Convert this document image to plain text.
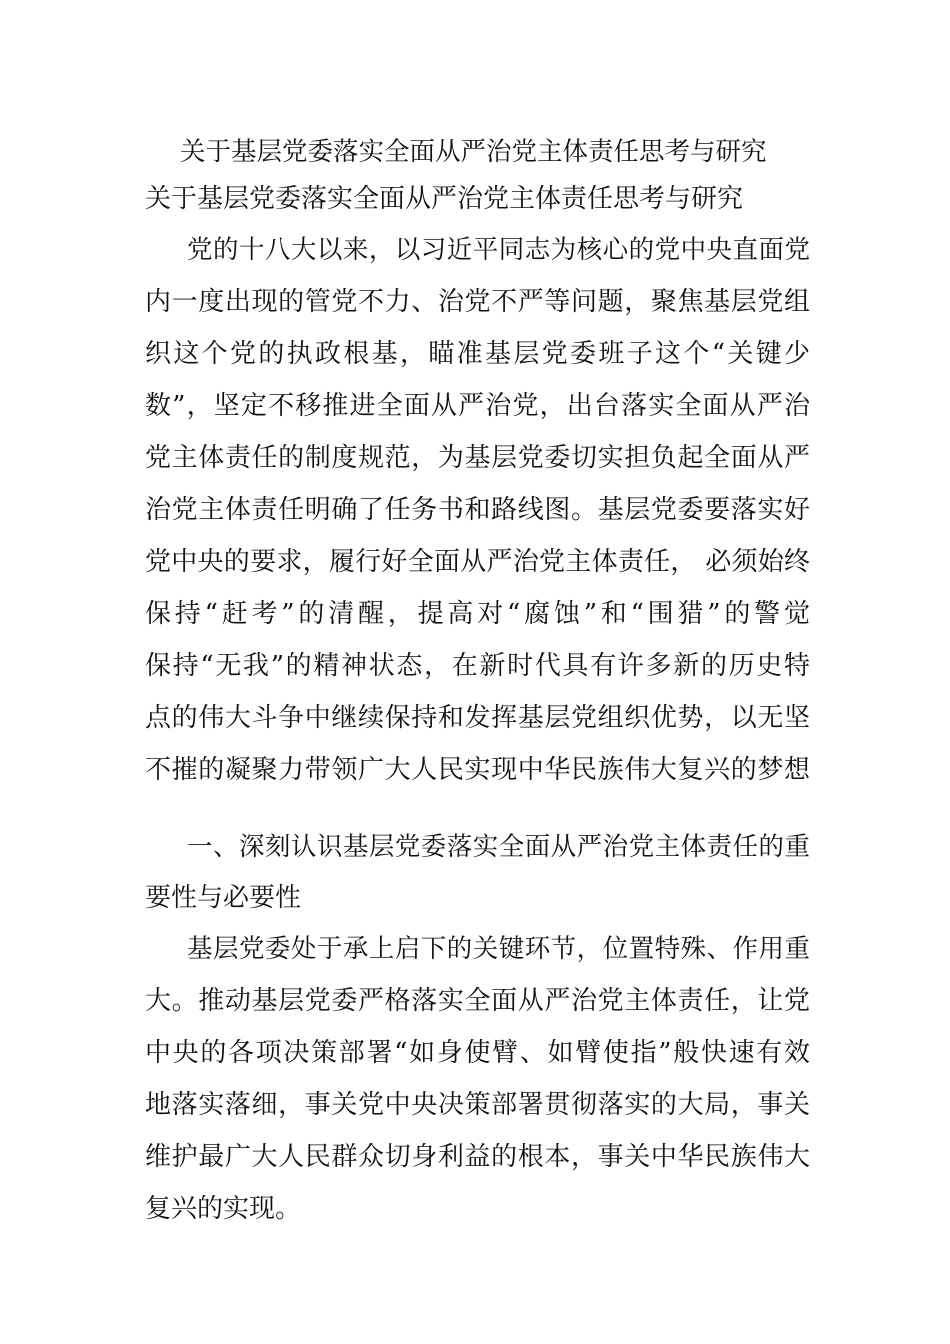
关于基层党委落实全面从严治党主体责任思考与研究
关于基层党委落实全面从严治党主体责任思考与研究
党的十八大以来，以习近平同志为核心的党中央直面党
内一度出现的管党不力、治党不严等问题，聚焦基层党组
织这个党的执政根基，瞄准基层党委班子这个“关键少
数”，坚定不移推进全面从严治党，出台落实全面从严治
党主体责任的制度规范，为基层党委切实担负起全面从严
治党主体责任明确了任务书和路线图。基层党委要落实好
党中央的要求，履行好全面从严治党主体责任， 必须始终
保持“赶考”的清醒，提高对“腐蚀”和“围猎”的警觉
保持“无我”的精神状态，在新时代具有许多新的历史特
点的伟大斗争中继续保持和发挥基层党组织优势，以无坚
不摧的凝聚力带领广大人民实现中华民族伟大复兴的梦想
一、深刻认识基层党委落实全面从严治党主体责任的重
要性与必要性
基层党委处于承上启下的关键环节，位置特殊、作用重
大。推动基层党委严格落实全面从严治党主体责任，让党
中央的各项决策部署“如身使臂、如臂使指”般快速有效
地落实落细，事关党中央决策部署贯彻落实的大局，事关
维护最广大人民群众切身利益的根本，事关中华民族伟大
复兴的实现。
